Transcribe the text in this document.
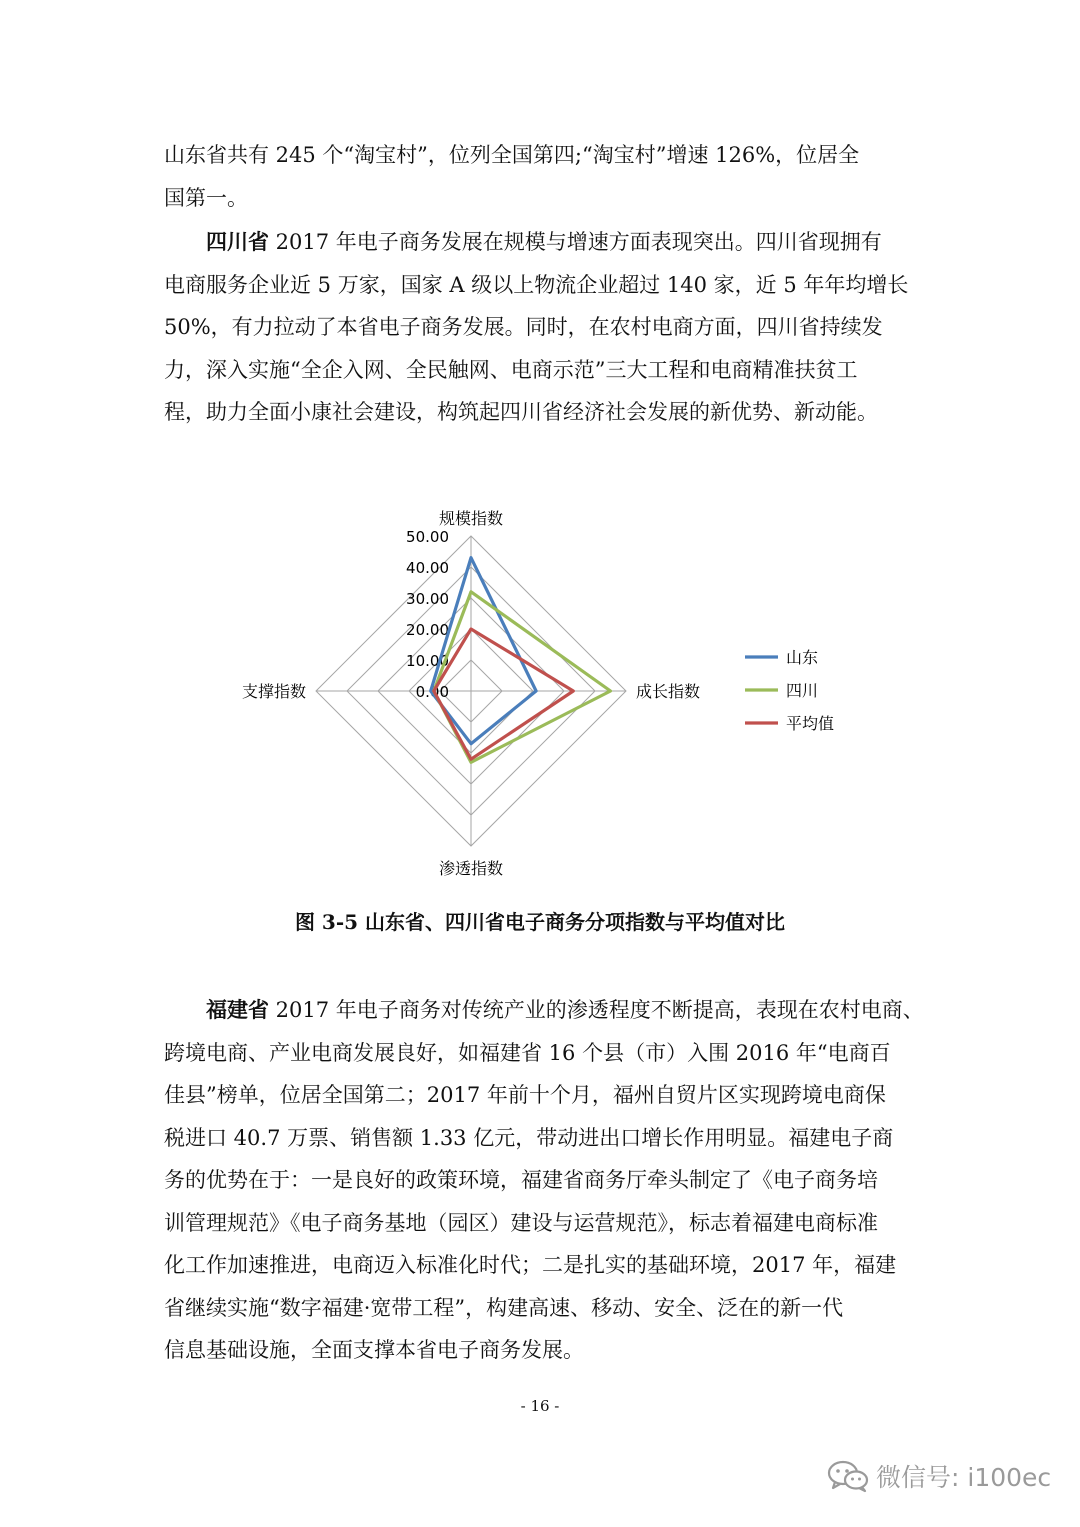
山东省共有 245 个“淘宝村”，位列全国第四;“淘宝村”增速 126%，位居全
国第一。
四川省 2017 年电子商务发展在规模与增速方面表现突出。四川省现拥有
电商服务企业近 5 万家，国家 A 级以上物流企业超过 140 家，近 5 年年均增长
50%，有力拉动了本省电子商务发展。同时，在农村电商方面，四川省持续发
力，深入实施“全企入网、全民触网、电商示范”三大工程和电商精准扶贫工
程，助力全面小康社会建设，构筑起四川省经济社会发展的新优势、新动能。
0.00
10.00
20.00
30.00
40.00
50.00
规模指数
成长指数
渗透指数
支撑指数
山东
四川
平均值
图 3-5 山东省、四川省电子商务分项指数与平均值对比
福建省 2017 年电子商务对传统产业的渗透程度不断提高，表现在农村电商、
跨境电商、产业电商发展良好，如福建省 16 个县（市）入围 2016 年“电商百
佳县”榜单，位居全国第二；2017 年前十个月，福州自贸片区实现跨境电商保
税进口 40.7 万票、销售额 1.33 亿元，带动进出口增长作用明显。福建电子商
务的优势在于：一是良好的政策环境，福建省商务厅牵头制定了《电子商务培
训管理规范》《电子商务基地（园区）建设与运营规范》，标志着福建电商标准
化工作加速推进，电商迈入标准化时代；二是扎实的基础环境，2017 年，福建
省继续实施“数字福建·宽带工程”，构建高速、移动、安全、泛在的新一代
信息基础设施，全面支撑本省电子商务发展。
- 16 -
微信号: i100ec
